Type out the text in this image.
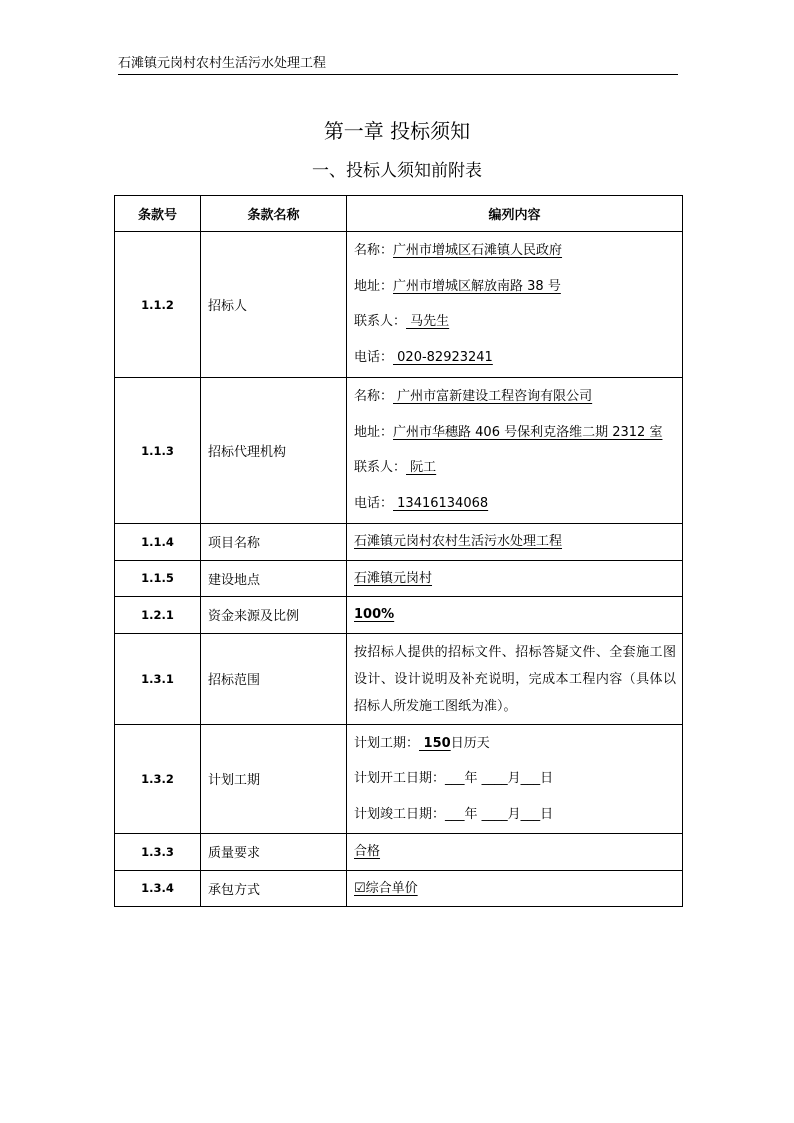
石滩镇元岗村农村生活污水处理工程
第一章 投标须知
一、投标人须知前附表
条款号	条款名称	编列内容
1.1.2	招标人	名称：广州市增城区石滩镇人民政府
地址：广州市增城区解放南路 38 号
联系人： 马先生
电话： 020-82923241

1.1.3	招标代理机构	名称： 广州市富新建设工程咨询有限公司
地址：广州市华穗路 406 号保利克洛维二期 2312 室
联系人： 阮工
电话： 13416134068

1.1.4	项目名称	石滩镇元岗村农村生活污水处理工程

1.1.5	建设地点	石滩镇元岗村

1.2.1	资金来源及比例	100%

1.3.1	招标范围	按招标人提供的招标文件、招标答疑文件、全套施工图设计、设计说明及补充说明，完成本工程内容（具体以招标人所发施工图纸为准）。

1.3.2	计划工期	计划工期： 150日历天
计划开工日期：___年 ____月___日
计划竣工日期：___年 ____月___日

1.3.3	质量要求	合格

1.3.4	承包方式	☑综合单价
